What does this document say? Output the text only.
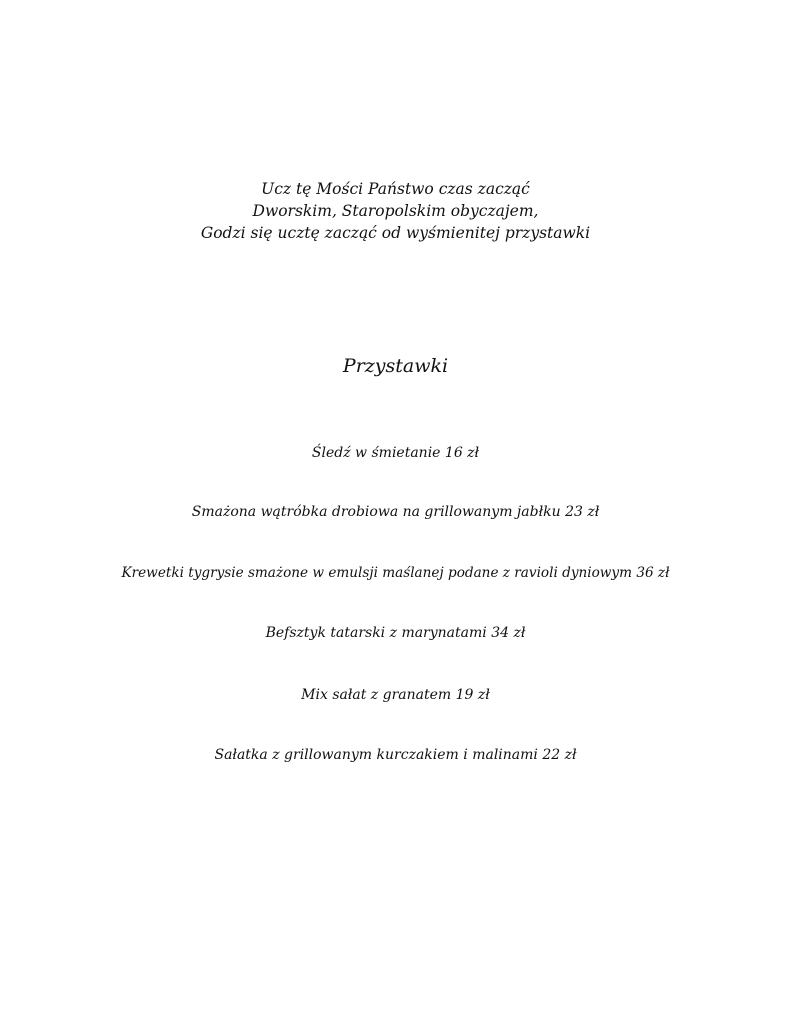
Ucz tę Mości Państwo czas zacząć
Dworskim, Staropolskim obyczajem,
Godzi się ucztę zacząć od wyśmienitej przystawki
Przystawki
Śledź w śmietanie 16 zł
Smażona wątróbka drobiowa na grillowanym jabłku 23 zł
Krewetki tygrysie smażone w emulsji maślanej podane z ravioli dyniowym 36 zł
Befsztyk tatarski z marynatami 34 zł
Mix sałat z granatem 19 zł
Sałatka z grillowanym kurczakiem i malinami 22 zł
